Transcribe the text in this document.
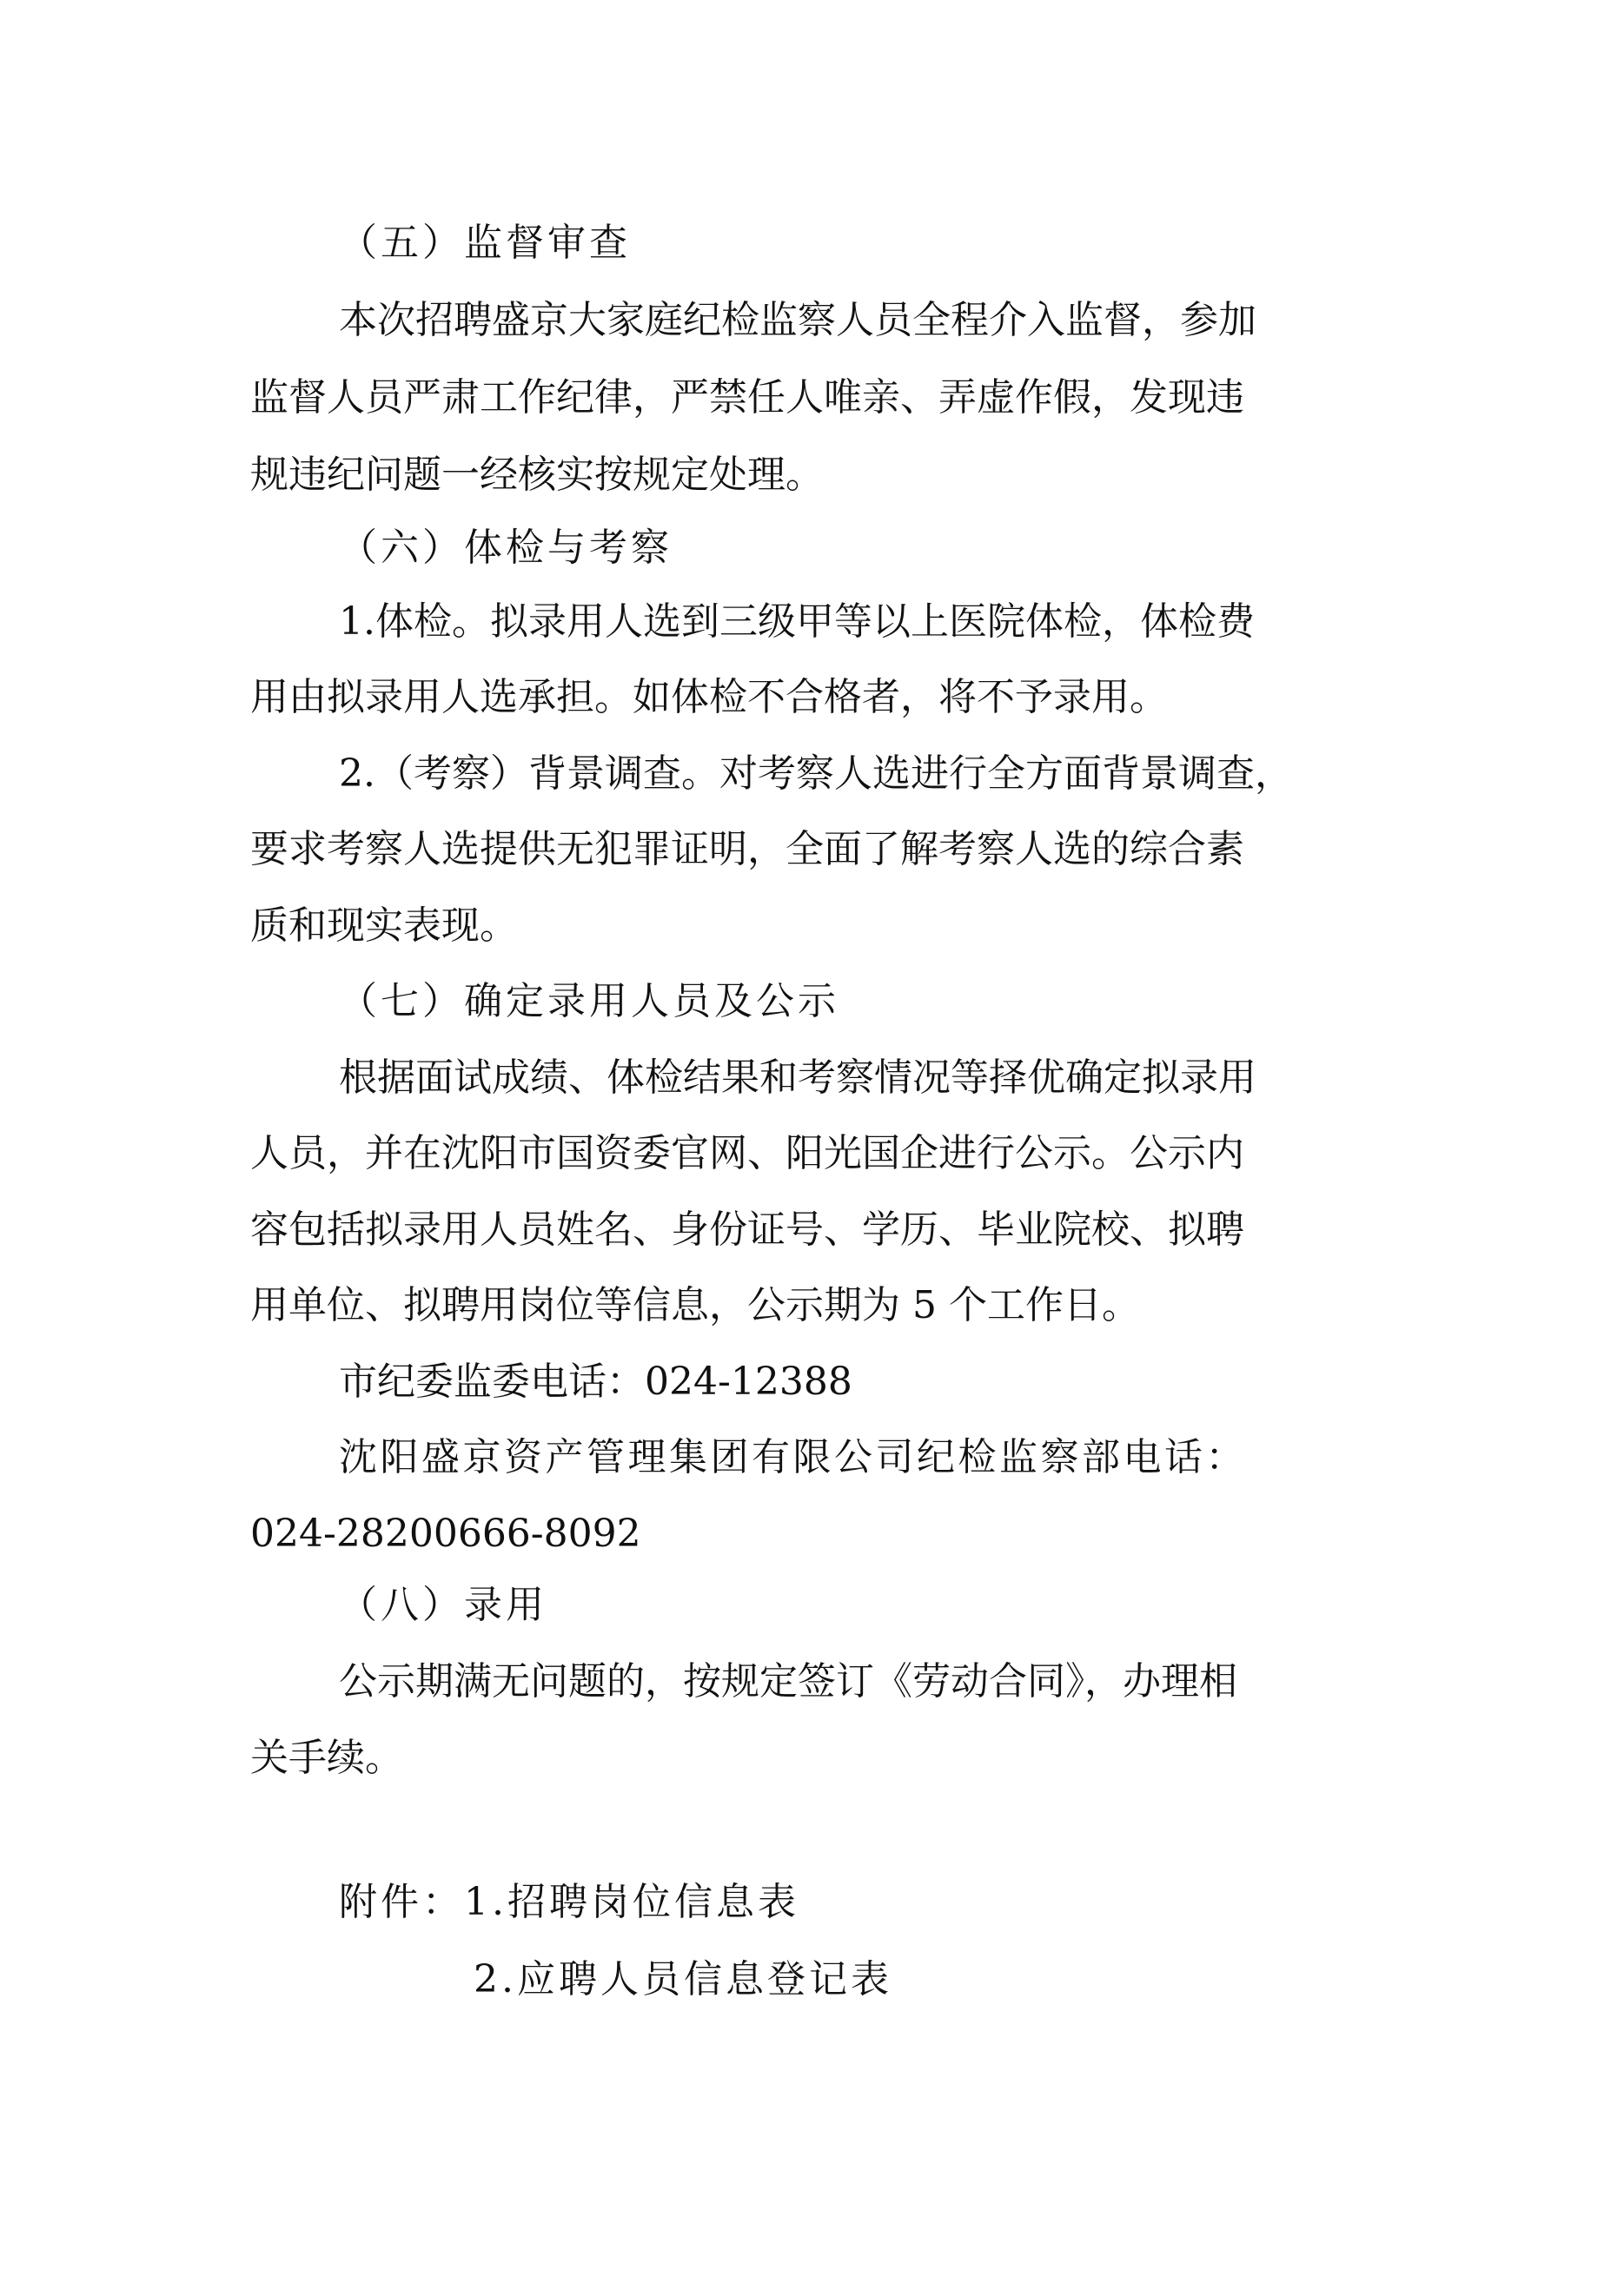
（五）监督审查
本次招聘盛京大家庭纪检监察人员全程介入监督，参加
监督人员严肃工作纪律，严禁任人唯亲、弄虚作假，发现违
规违纪问题一经核实按规定处理。
（六）体检与考察
1.体检。拟录用人选到三级甲等以上医院体检，体检费
用由拟录用人选承担。如体检不合格者，将不予录用。
2.（考察）背景调查。对考察人选进行全方面背景调查，
要求考察人选提供无犯罪证明，全面了解考察人选的综合素
质和现实表现。
（七）确定录用人员及公示
根据面试成绩、体检结果和考察情况等择优确定拟录用
人员，并在沈阳市国资委官网、阳光国企进行公示。公示内
容包括拟录用人员姓名、身份证号、学历、毕业院校、拟聘
用单位、拟聘用岗位等信息，公示期为 5 个工作日。
市纪委监委电话：024-12388
沈阳盛京资产管理集团有限公司纪检监察部电话：
024-28200666-8092
（八）录用
公示期满无问题的，按规定签订《劳动合同》，办理相
关手续。
附件：1.招聘岗位信息表
2.应聘人员信息登记表
